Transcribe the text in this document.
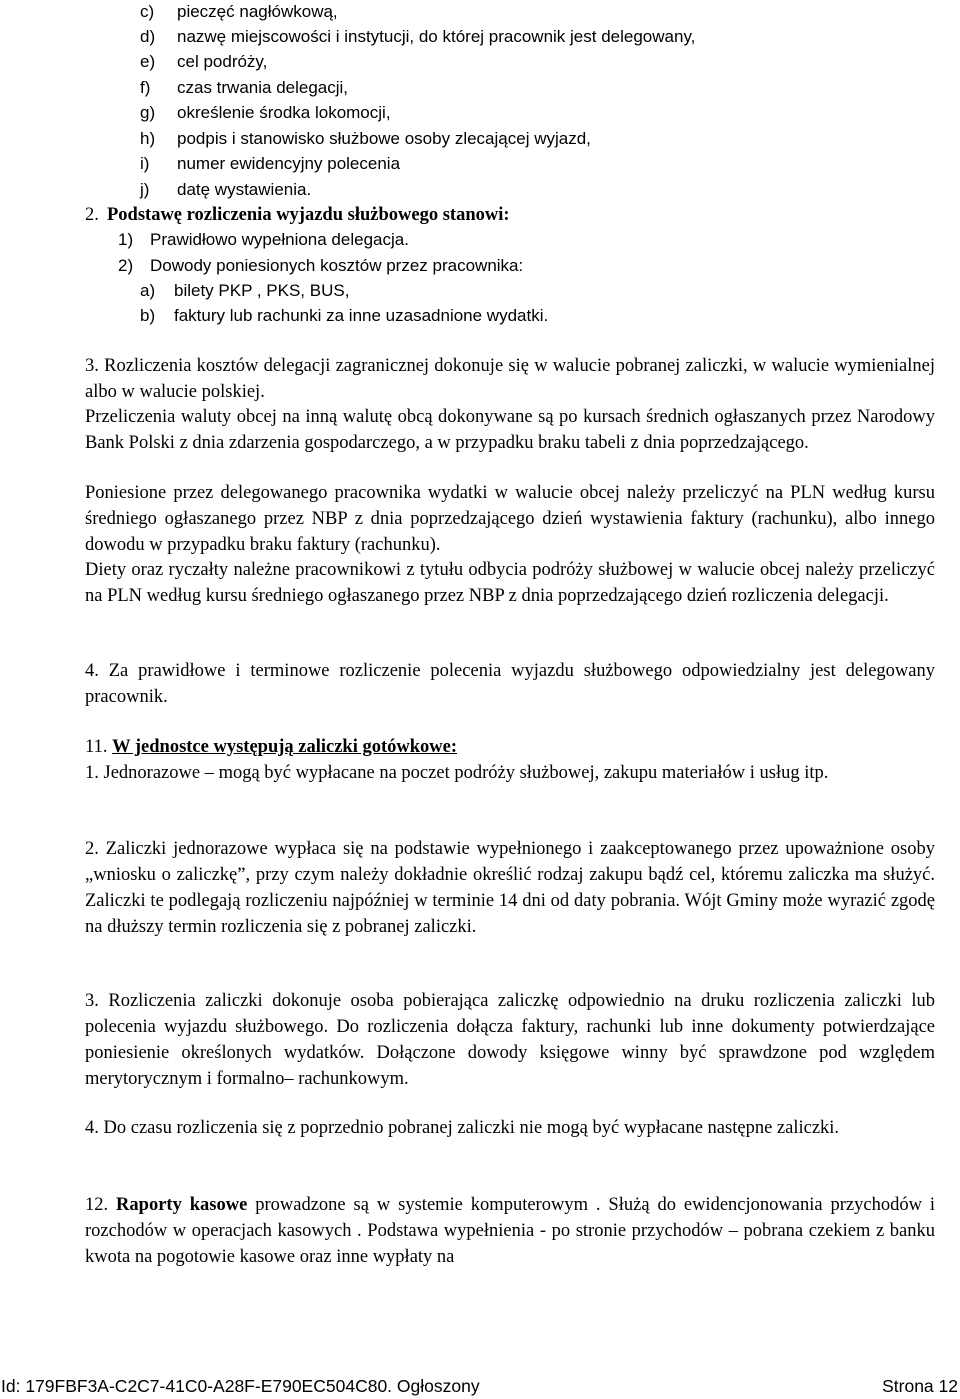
c) pieczęć nagłówkową,
d) nazwę miejscowości i instytucji, do której pracownik jest delegowany,
e) cel podróży,
f) czas trwania delegacji,
g) określenie środka lokomocji,
h) podpis i stanowisko służbowe osoby zlecającej wyjazd,
i) numer ewidencyjny polecenia
j) datę wystawienia.
2. Podstawę rozliczenia wyjazdu służbowego stanowi:
1) Prawidłowo wypełniona delegacja.
2) Dowody poniesionych kosztów przez pracownika:
a) bilety PKP , PKS, BUS,
b) faktury lub rachunki za inne uzasadnione wydatki.
3. Rozliczenia kosztów delegacji zagranicznej dokonuje się w walucie pobranej zaliczki, w walucie wymienialnej albo w walucie polskiej.
Przeliczenia waluty obcej na inną walutę obcą dokonywane są po kursach średnich ogłaszanych przez Narodowy Bank Polski z dnia zdarzenia gospodarczego, a w przypadku braku tabeli z dnia poprzedzającego.
Poniesione przez delegowanego pracownika wydatki w walucie obcej należy przeliczyć na PLN według kursu średniego ogłaszanego przez NBP z dnia poprzedzającego dzień wystawienia faktury (rachunku), albo innego dowodu w przypadku braku faktury (rachunku).
Diety oraz ryczałty należne pracownikowi z tytułu odbycia podróży służbowej w walucie obcej należy przeliczyć na PLN według kursu średniego ogłaszanego przez NBP z dnia poprzedzającego dzień rozliczenia delegacji.
4. Za prawidłowe i terminowe rozliczenie polecenia wyjazdu służbowego odpowiedzialny jest delegowany pracownik.
11. W jednostce występują zaliczki gotówkowe:
1. Jednorazowe – mogą być wypłacane na poczet podróży służbowej, zakupu materiałów i usług itp.
2. Zaliczki jednorazowe wypłaca się na podstawie wypełnionego i zaakceptowanego przez upoważnione osoby „wniosku o zaliczkę”, przy czym należy dokładnie określić rodzaj zakupu bądź cel, któremu zaliczka ma służyć. Zaliczki te podlegają rozliczeniu najpóźniej w terminie 14 dni od daty pobrania. Wójt Gminy może wyrazić zgodę na dłuższy termin rozliczenia się z pobranej zaliczki.
3. Rozliczenia zaliczki dokonuje osoba pobierająca zaliczkę odpowiednio na druku rozliczenia zaliczki lub polecenia wyjazdu służbowego. Do rozliczenia dołącza faktury, rachunki lub inne dokumenty potwierdzające poniesienie określonych wydatków. Dołączone dowody księgowe winny być sprawdzone pod względem merytorycznym i formalno– rachunkowym.
4. Do czasu rozliczenia się z poprzednio pobranej zaliczki nie mogą być wypłacane następne zaliczki.
12. Raporty kasowe prowadzone są w systemie komputerowym . Służą do ewidencjonowania przychodów i rozchodów w operacjach kasowych . Podstawa wypełnienia - po stronie przychodów – pobrana czekiem z banku kwota na pogotowie kasowe oraz inne wypłaty na
Id: 179FBF3A-C2C7-41C0-A28F-E790EC504C80. Ogłoszony	Strona 12
